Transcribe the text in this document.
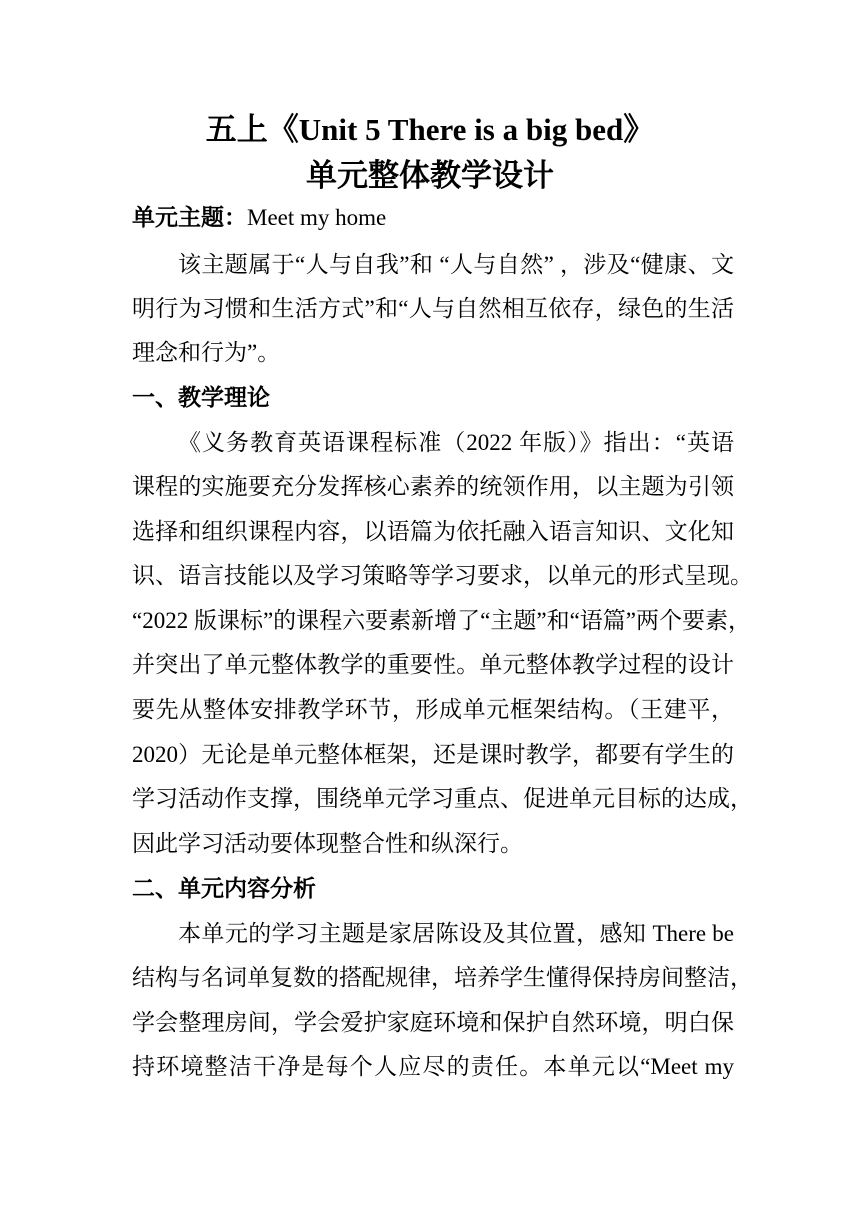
五上《Unit 5 There is a big bed》
单元整体教学设计
单元主题：Meet my home
该主题属于“人与自我”和 “人与自然” ，涉及“健康、文
明行为习惯和生活方式”和“人与自然相互依存，绿色的生活
理念和行为”。
一、教学理论
《义务教育英语课程标准（2022 年版）》指出：“英语
课程的实施要充分发挥核心素养的统领作用，以主题为引领
选择和组织课程内容，以语篇为依托融入语言知识、文化知
识、语言技能以及学习策略等学习要求，以单元的形式呈现。
“2022 版课标”的课程六要素新增了“主题”和“语篇”两个要素，
并突出了单元整体教学的重要性。单元整体教学过程的设计
要先从整体安排教学环节，形成单元框架结构。（王建平，
2020）无论是单元整体框架，还是课时教学，都要有学生的
学习活动作支撑，围绕单元学习重点、促进单元目标的达成，
因此学习活动要体现整合性和纵深行。
二、单元内容分析
本单元的学习主题是家居陈设及其位置，感知 There be
结构与名词单复数的搭配规律，培养学生懂得保持房间整洁，
学会整理房间，学会爱护家庭环境和保护自然环境，明白保
持环境整洁干净是每个人应尽的责任。本单元以“Meet my
